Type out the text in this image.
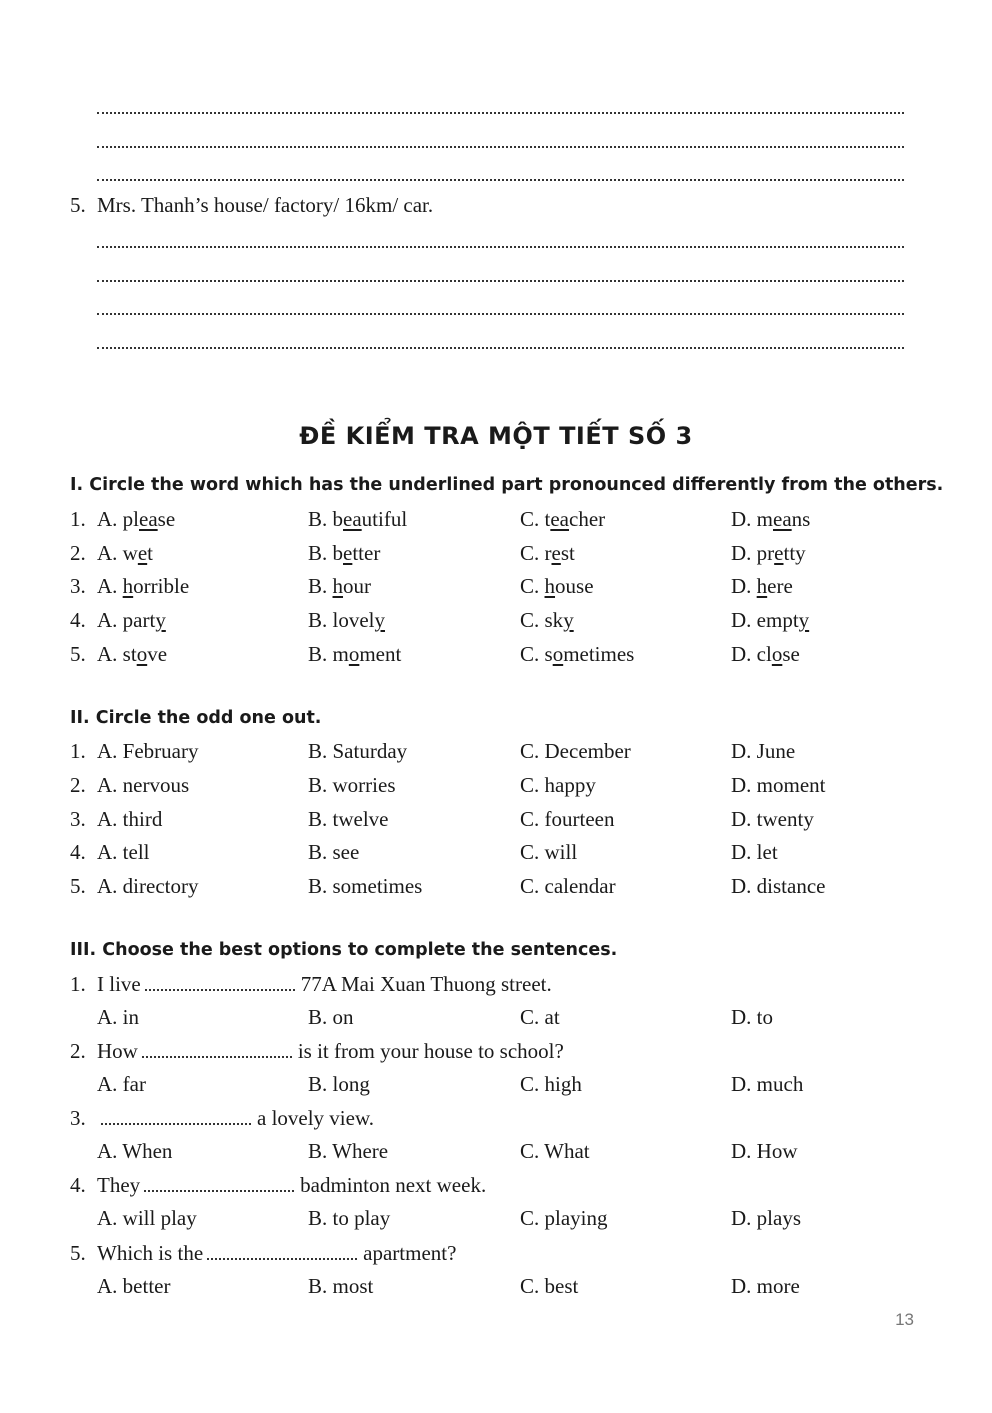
5. Mrs. Thanh’s house/ factory/ 16km/ car.
ĐỀ KIỂM TRA MỘT TIẾT SỐ 3
I. Circle the word which has the underlined part pronounced differently from the others.
1. A. please	B. beautiful	C. teacher	D. means
2. A. wet	B. better	C. rest	D. pretty
3. A. horrible	B. hour	C. house	D. here
4. A. party	B. lovely	C. sky	D. empty
5. A. stove	B. moment	C. sometimes	D. close
II. Circle the odd one out.
1. A. February	B. Saturday	C. December	D. June
2. A. nervous	B. worries	C. happy	D. moment
3. A. third	B. twelve	C. fourteen	D. twenty
4. A. tell	B. see	C. will	D. let
5. A. directory	B. sometimes	C. calendar	D. distance
III. Choose the best options to complete the sentences.
1. I live	77A Mai Xuan Thuong street.
A. in	B. on	C. at	D. to
2. How	is it from your house to school?
A. far	B. long	C. high	D. much
3.	a lovely view.
A. When	B. Where	C. What	D. How
4. They	badminton next week.
A. will play	B. to play	C. playing	D. plays
5. Which is the	apartment?
A. better	B. most	C. best	D. more
13
